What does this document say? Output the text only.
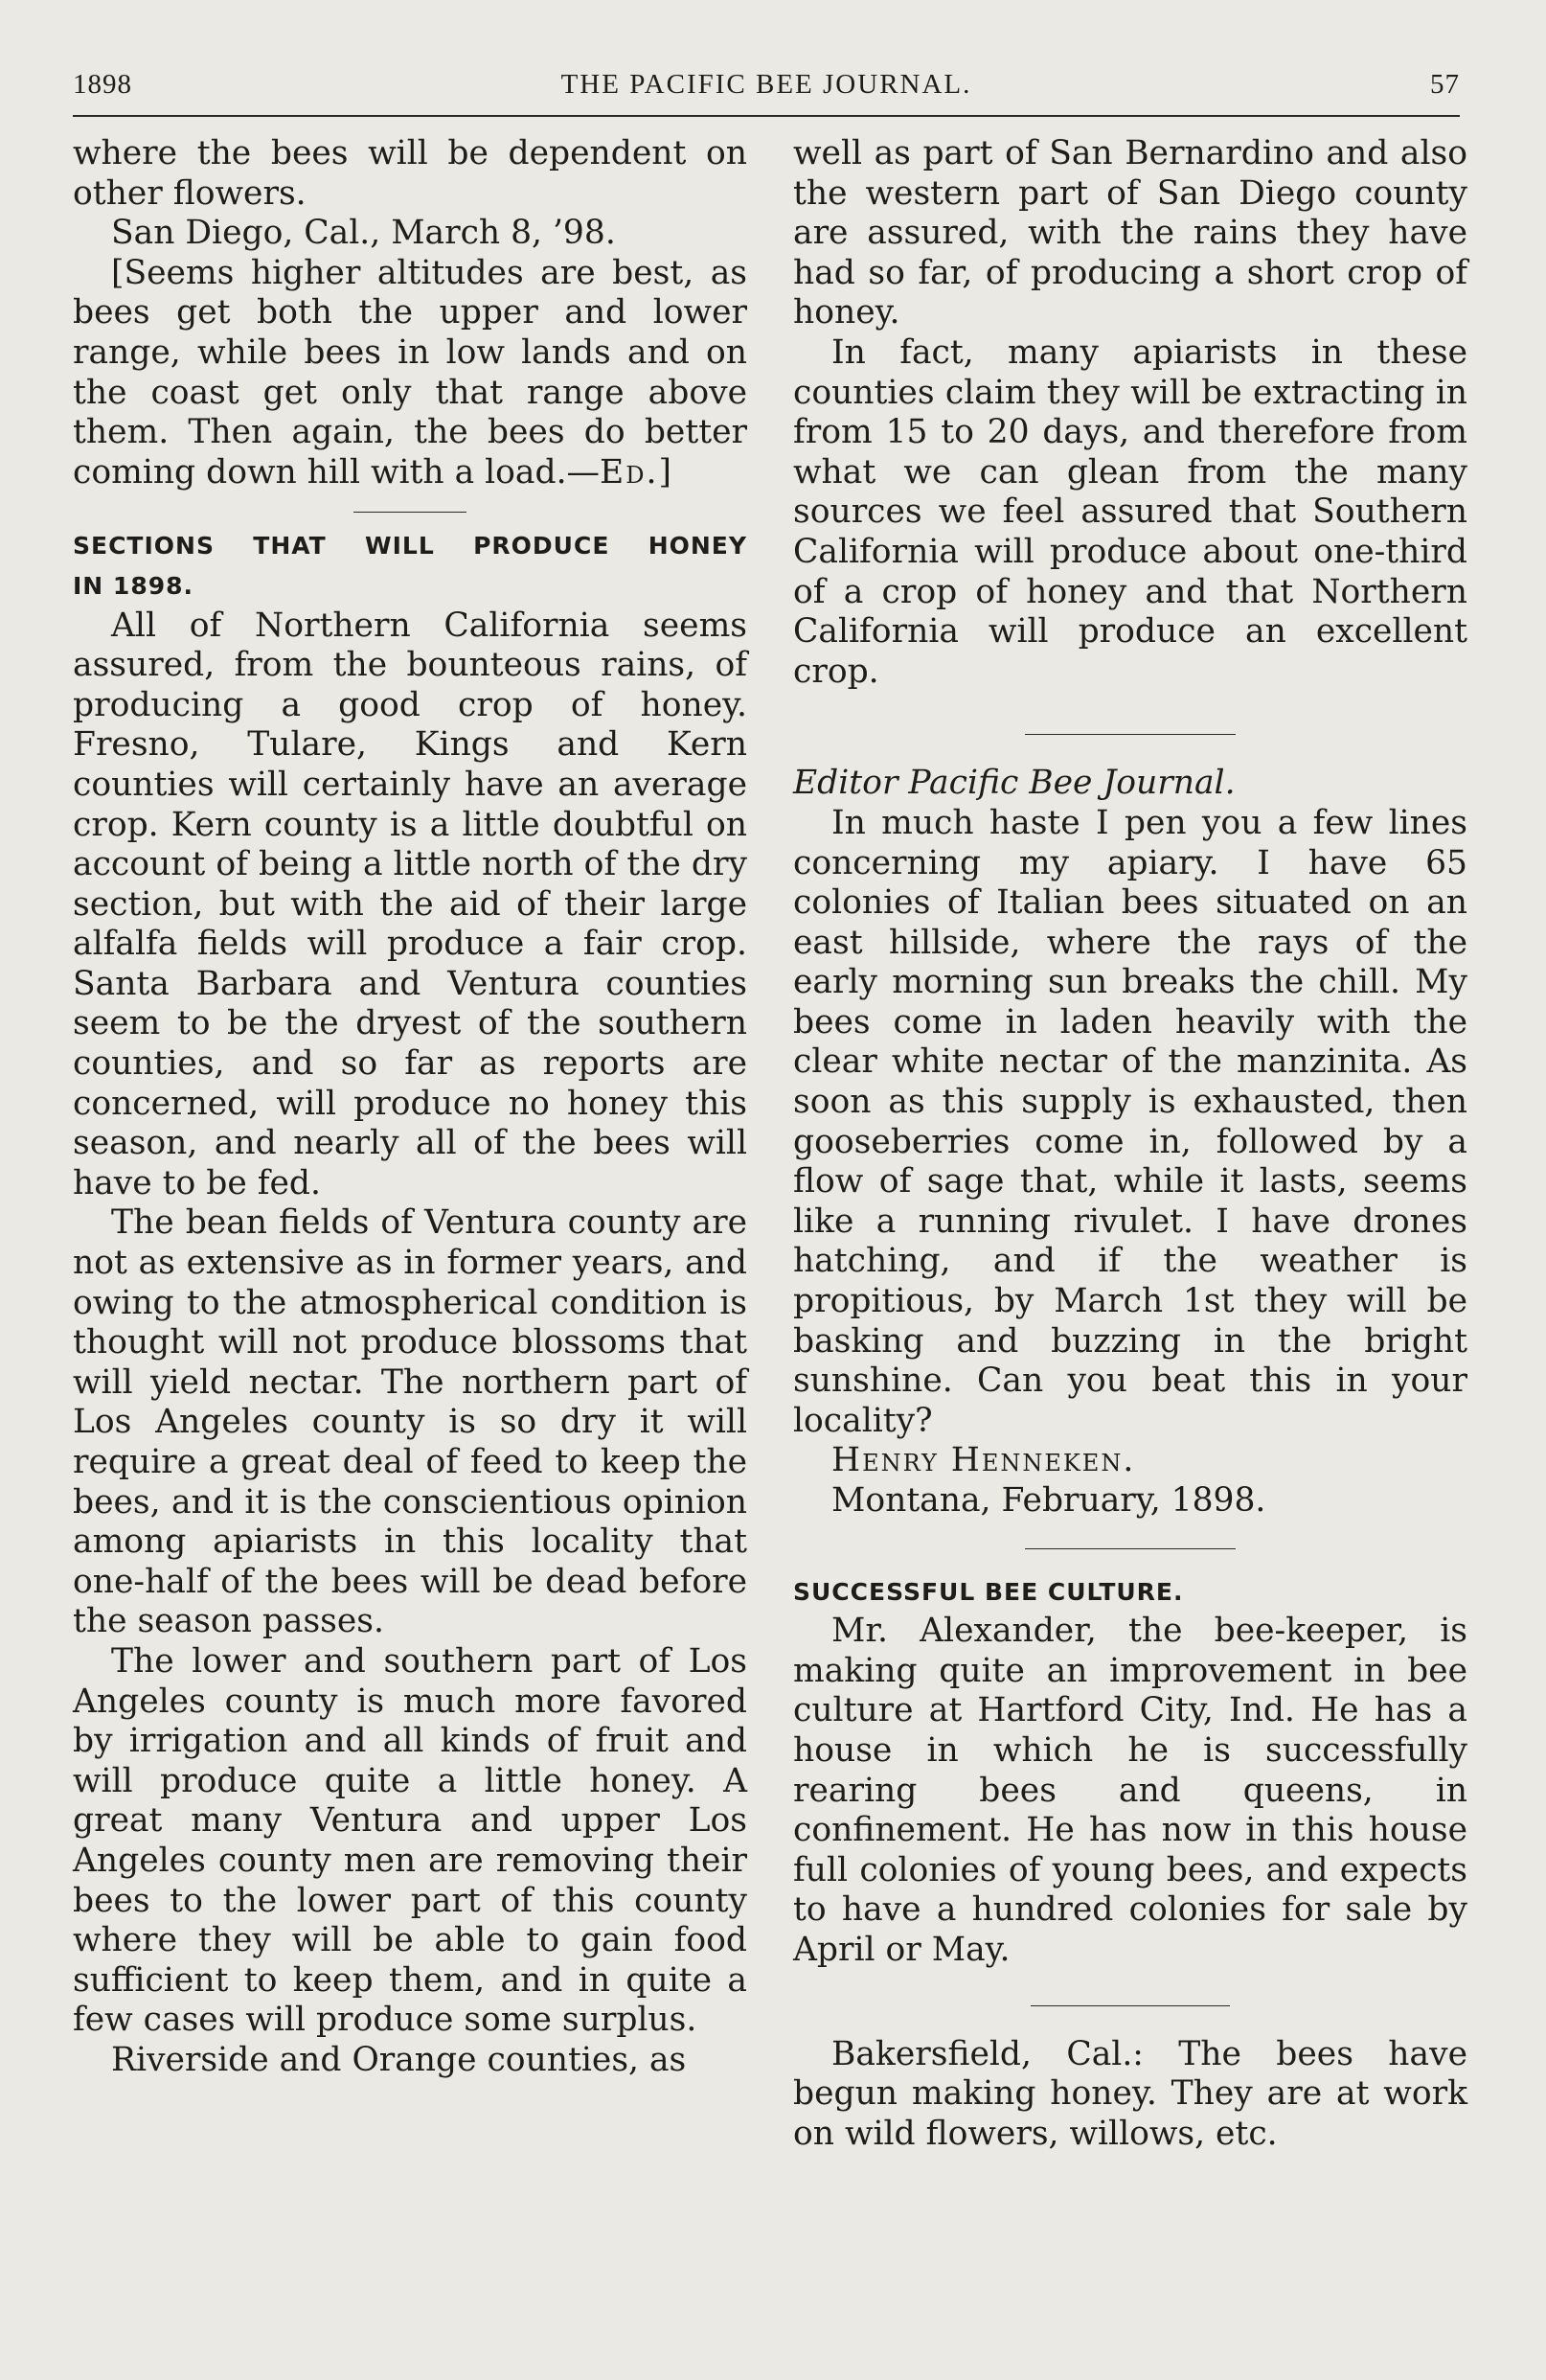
1898	THE PACIFIC BEE JOURNAL.	57

where the bees will be dependent on other flowers.

San Diego, Cal., March 8, ’98.

[Seems higher altitudes are best, as bees get both the upper and lower range, while bees in low lands and on the coast get only that range above them. Then again, the bees do better coming down hill with a load.—Ed.]

SECTIONS THAT WILL PRODUCE HONEY

IN 1898.

All of Northern California seems assured, from the bounteous rains, of producing a good crop of honey. Fresno, Tulare, Kings and Kern counties will certainly have an average crop. Kern county is a little doubtful on account of being a little north of the dry section, but with the aid of their large alfalfa fields will produce a fair crop. Santa Barbara and Ventura counties seem to be the dryest of the southern counties, and so far as reports are concerned, will produce no honey this season, and nearly all of the bees will have to be fed.

The bean fields of Ventura county are not as extensive as in former years, and owing to the atmospherical condition is thought will not produce blossoms that will yield nectar. The northern part of Los Angeles county is so dry it will require a great deal of feed to keep the bees, and it is the conscientious opinion among apiarists in this locality that one-half of the bees will be dead before the season passes.

The lower and southern part of Los Angeles county is much more favored by irrigation and all kinds of fruit and will produce quite a little honey. A great many Ventura and upper Los Angeles county men are removing their bees to the lower part of this county where they will be able to gain food sufficient to keep them, and in quite a few cases will produce some surplus.

Riverside and Orange counties, as

well as part of San Bernardino and also the western part of San Diego county are assured, with the rains they have had so far, of producing a short crop of honey.

In fact, many apiarists in these counties claim they will be extracting in from 15 to 20 days, and therefore from what we can glean from the many sources we feel assured that Southern California will produce about one-third of a crop of honey and that Northern California will produce an excellent crop.

Editor Pacific Bee Journal.

In much haste I pen you a few lines concerning my apiary. I have 65 colonies of Italian bees situated on an east hillside, where the rays of the early morning sun breaks the chill. My bees come in laden heavily with the clear white nectar of the manzinita. As soon as this supply is exhausted, then gooseberries come in, followed by a flow of sage that, while it lasts, seems like a running rivulet. I have drones hatching, and if the weather is propitious, by March 1st they will be basking and buzzing in the bright sunshine. Can you beat this in your locality?

Henry Henneken.

Montana, February, 1898.

SUCCESSFUL BEE CULTURE.

Mr. Alexander, the bee-keeper, is making quite an improvement in bee culture at Hartford City, Ind. He has a house in which he is successfully rearing bees and queens, in confinement. He has now in this house full colonies of young bees, and expects to have a hundred colonies for sale by April or May.

Bakersfield, Cal.: The bees have begun making honey. They are at work on wild flowers, willows, etc.
